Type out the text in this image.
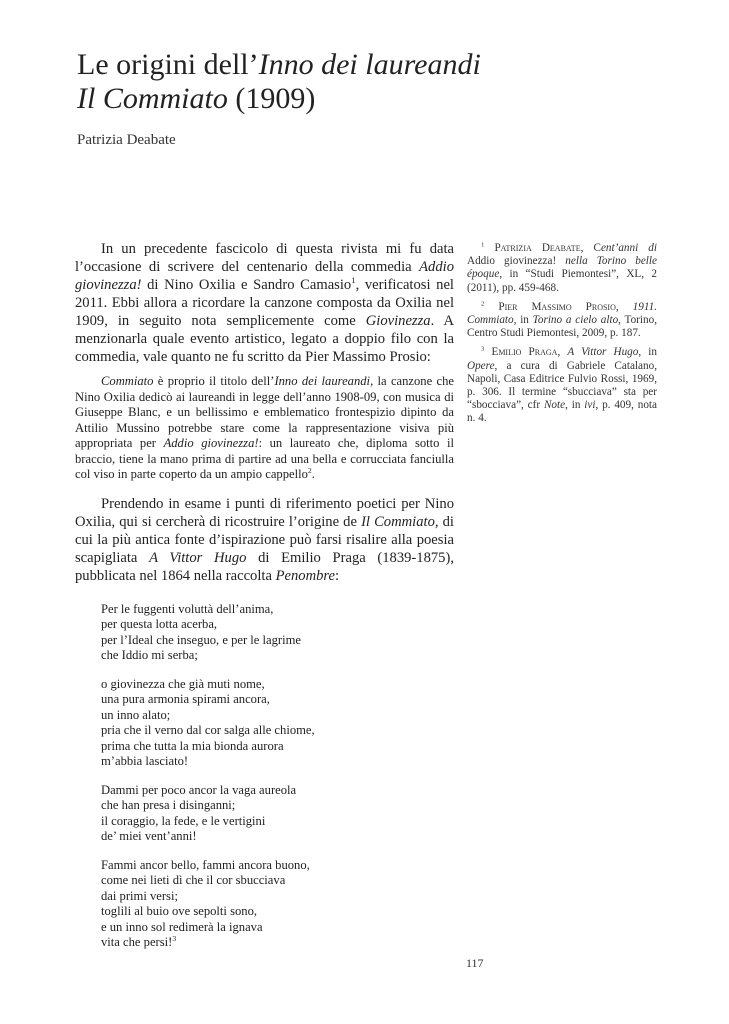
Le origini dell’Inno dei laureandi
Il Commiato (1909)
Patrizia Deabate

In un precedente fascicolo di questa rivista mi fu data l’occasione di scrivere del centenario della commedia Addio giovinezza! di Nino Oxilia e Sandro Camasio$^1$, verificatosi nel 2011. Ebbi allora a ricordare la canzone composta da Oxilia nel 1909, in seguito nota semplicemente come Giovinezza. A menzionarla quale evento artistico, legato a doppio filo con la commedia, vale quanto ne fu scritto da Pier Massimo Prosio:

Commiato è proprio il titolo dell’Inno dei laureandi, la canzone che Nino Oxilia dedicò ai laureandi in legge dell’anno 1908-09, con musica di Giuseppe Blanc, e un bellissimo e emblematico frontespizio dipinto da Attilio Mussino potrebbe stare come la rappresentazione visiva più appropriata per Addio giovinezza!: un laureato che, diploma sotto il braccio, tiene la mano prima di partire ad una bella e corrucciata fanciulla col viso in parte coperto da un ampio cappello$^2$.

Prendendo in esame i punti di riferimento poetici per Nino Oxilia, qui si cercherà di ricostruire l’origine de Il Commiato, di cui la più antica fonte d’ispirazione può farsi risalire alla poesia scapigliata A Vittor Hugo di Emilio Praga (1839-1875), pubblicata nel 1864 nella raccolta Penombre:

Per le fuggenti voluttà dell’anima,
per questa lotta acerba,
per l’Ideal che inseguo, e per le lagrime
che Iddio mi serba;
o giovinezza che già muti nome,
una pura armonia spirami ancora,
un inno alato;
pria che il verno dal cor salga alle chiome,
prima che tutta la mia bionda aurora
m’abbia lasciato!
Dammi per poco ancor la vaga aureola
che han presa i disinganni;
il coraggio, la fede, e le vertigini
de’ miei vent’anni!
Fammi ancor bello, fammi ancora buono,
come nei lieti dì che il cor sbucciava
dai primi versi;
toglili al buio ove sepolti sono,
e un inno sol redimerà la ignava
vita che persi!$^3$
$^1$ Patrizia Deabate, Cent’anni di Addio giovinezza! nella Torino belle époque, in “Studi Piemontesi”, XL, 2 (2011), pp. 459-468.
$^2$ Pier Massimo Prosio, 1911. Commiato, in Torino a cielo alto, Torino, Centro Studi Piemontesi, 2009, p. 187.
$^3$ Emilio Praga, A Vittor Hugo, in Opere, a cura di Gabriele Catalano, Napoli, Casa Editrice Fulvio Rossi, 1969, p. 306. Il termine “sbucciava” sta per “sbocciava”, cfr Note, in ivi, p. 409, nota n. 4.
117
